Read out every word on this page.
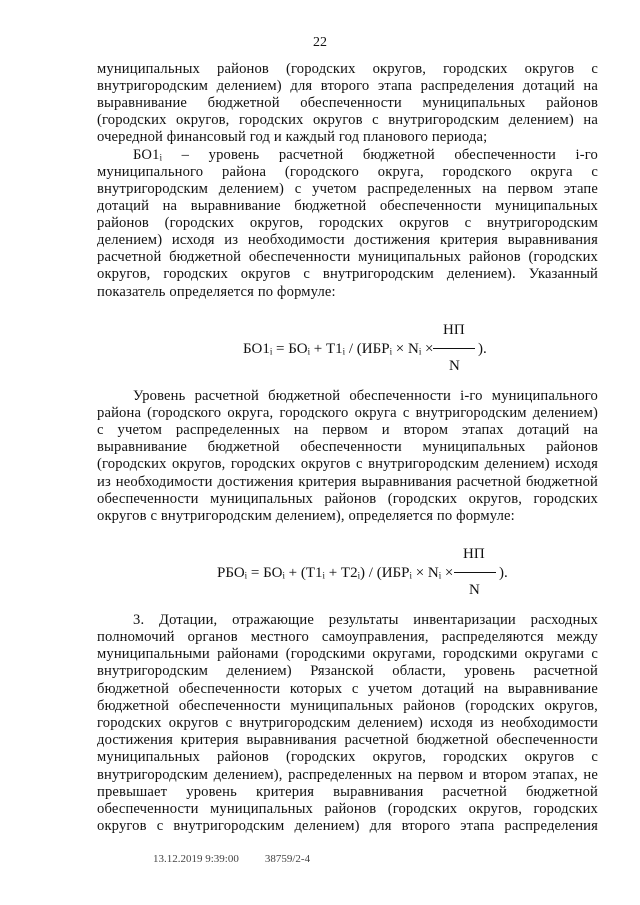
22
муниципальных районов (городских округов, городских округов с
внутригородским делением) для второго этапа распределения дотаций на
выравнивание бюджетной обеспеченности муниципальных районов
(городских округов, городских округов с внутригородским делением) на
очередной финансовый год и каждый год планового периода;
БО1ᵢ – уровень расчетной бюджетной обеспеченности i-го
муниципального района (городского округа, городского округа с
внутригородским делением) с учетом распределенных на первом этапе
дотаций на выравнивание бюджетной обеспеченности муниципальных
районов (городских округов, городских округов с внутригородским
делением) исходя из необходимости достижения критерия выравнивания
расчетной бюджетной обеспеченности муниципальных районов (городских
округов, городских округов с внутригородским делением). Указанный
показатель определяется по формуле:
НП
БО1ᵢ = БОᵢ + Т1ᵢ / (ИБРᵢ × Nᵢ ×	).
N
Уровень расчетной бюджетной обеспеченности i-го муниципального
района (городского округа, городского округа с внутригородским делением)
с учетом распределенных на первом и втором этапах дотаций на
выравнивание бюджетной обеспеченности муниципальных районов
(городских округов, городских округов с внутригородским делением) исходя
из необходимости достижения критерия выравнивания расчетной бюджетной
обеспеченности муниципальных районов (городских округов, городских
округов с внутригородским делением), определяется по формуле:
НП
РБОᵢ = БОᵢ + (Т1ᵢ + Т2ᵢ) / (ИБРᵢ × Nᵢ ×	).
N
3. Дотации, отражающие результаты инвентаризации расходных
полномочий органов местного самоуправления, распределяются между
муниципальными районами (городскими округами, городскими округами с
внутригородским делением) Рязанской области, уровень расчетной
бюджетной обеспеченности которых с учетом дотаций на выравнивание
бюджетной обеспеченности муниципальных районов (городских округов,
городских округов с внутригородским делением) исходя из необходимости
достижения критерия выравнивания расчетной бюджетной обеспеченности
муниципальных районов (городских округов, городских округов с
внутригородским делением), распределенных на первом и втором этапах, не
превышает уровень критерия выравнивания расчетной бюджетной
обеспеченности муниципальных районов (городских округов, городских
округов с внутригородским делением) для второго этапа распределения
13.12.2019 9:39:00 38759/2-4
